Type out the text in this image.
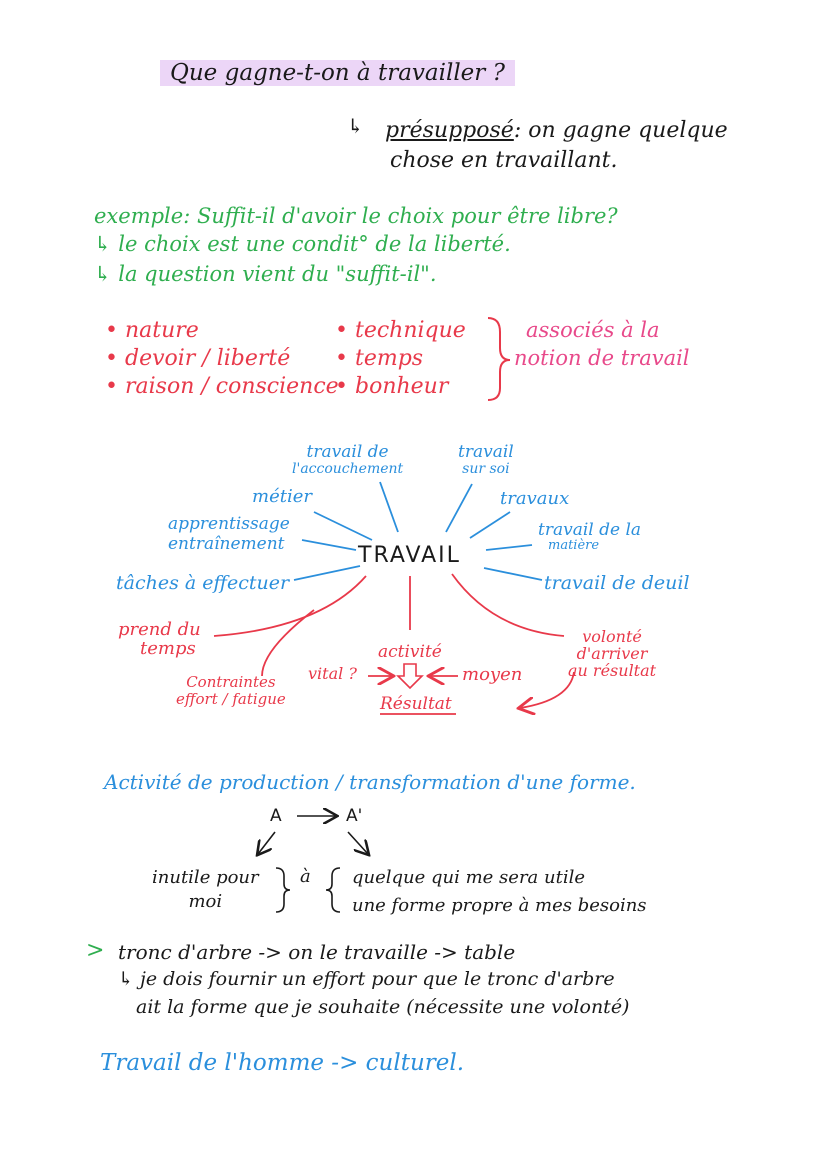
Que gagne-t-on à travailler ?
↳ présupposé: on gagne quelque
chose en travaillant.
exemple: Suffit-il d'avoir le choix pour être libre?
↳ le choix est une condit° de la liberté.
↳ la question vient du "suffit-il".
• nature
• devoir / liberté
• raison / conscience
• technique
• temps
• bonheur
associés à la
notion de travail
TRAVAIL
travail de
l'accouchement
travail
sur soi
métier	travaux
apprentissage
entraînement
travail de la
matière
tâches à effectuer	travail de deuil
prend du
temps
Contraintes
effort / fatigue
activité
vital ?	moyen
volonté
d'arriver
au résultat
Résultat
Activité de production / transformation d'une forme.
A	A'
inutile pour
moi
à quelque qui me sera utile
une forme propre à mes besoins
> tronc d'arbre -> on le travaille -> table
↳ je dois fournir un effort pour que le tronc d'arbre
ait la forme que je souhaite (nécessite une volonté)
Travail de l'homme -> culturel.
